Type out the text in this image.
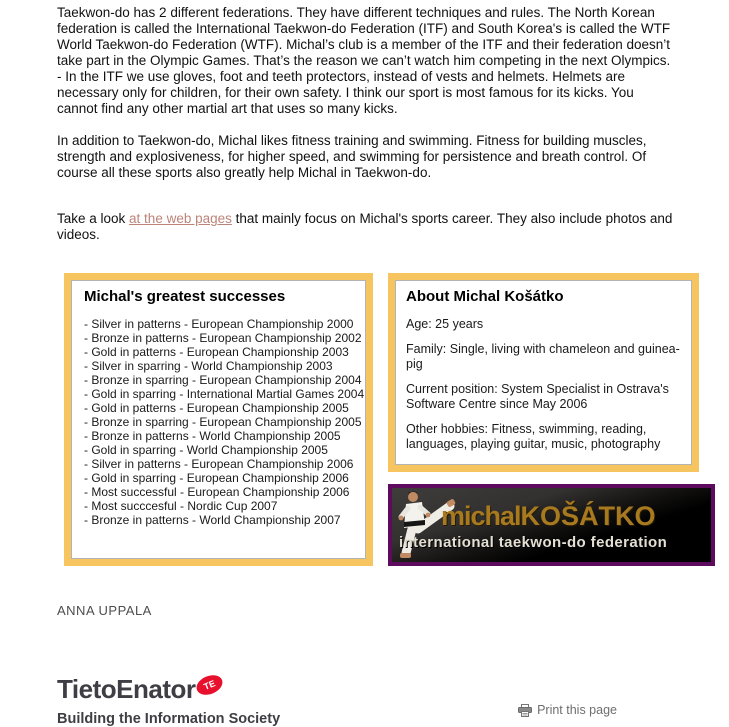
Taekwon-do has 2 different federations. They have different techniques and rules. The North Korean federation is called the International Taekwon-do Federation (ITF) and South Korea's is called the WTF World Taekwon-do Federation (WTF). Michal’s club is a member of the ITF and their federation doesn’t take part in the Olympic Games. That’s the reason we can’t watch him competing in the next Olympics.
- In the ITF we use gloves, foot and teeth protectors, instead of vests and helmets. Helmets are necessary only for children, for their own safety. I think our sport is most famous for its kicks. You cannot find any other martial art that uses so many kicks.
In addition to Taekwon-do, Michal likes fitness training and swimming. Fitness for building muscles, strength and explosiveness, for higher speed, and swimming for persistence and breath control. Of course all these sports also greatly help Michal in Taekwon-do.
Take a look at the web pages that mainly focus on Michal's sports career. They also include photos and videos.
Michal's greatest successes
- Silver in patterns - European Championship 2000
- Bronze in patterns - European Championship 2002
- Gold in patterns - European Championship 2003
- Silver in sparring - World Championship 2003
- Bronze in sparring - European Championship 2004
- Gold in sparring - International Martial Games 2004
- Gold in patterns - European Championship 2005
- Bronze in sparring - European Championship 2005
- Bronze in patterns - World Championship 2005
- Gold in sparring - World Championship 2005
- Silver in patterns - European Championship 2006
- Gold in sparring - European Championship 2006
- Most successful - European Championship 2006
- Most succcesful - Nordic Cup 2007
- Bronze in patterns - World Championship 2007
About Michal Košátko
Age: 25 years
Family: Single, living with chameleon and guinea-pig
Current position: System Specialist in Ostrava's Software Centre since May 2006
Other hobbies: Fitness, swimming, reading, languages, playing guitar, music, photography
michalKOŠÁTKO
international taekwon-do federation
ANNA UPPALA
TietoEnator TE
Building the Information Society
Print this page
